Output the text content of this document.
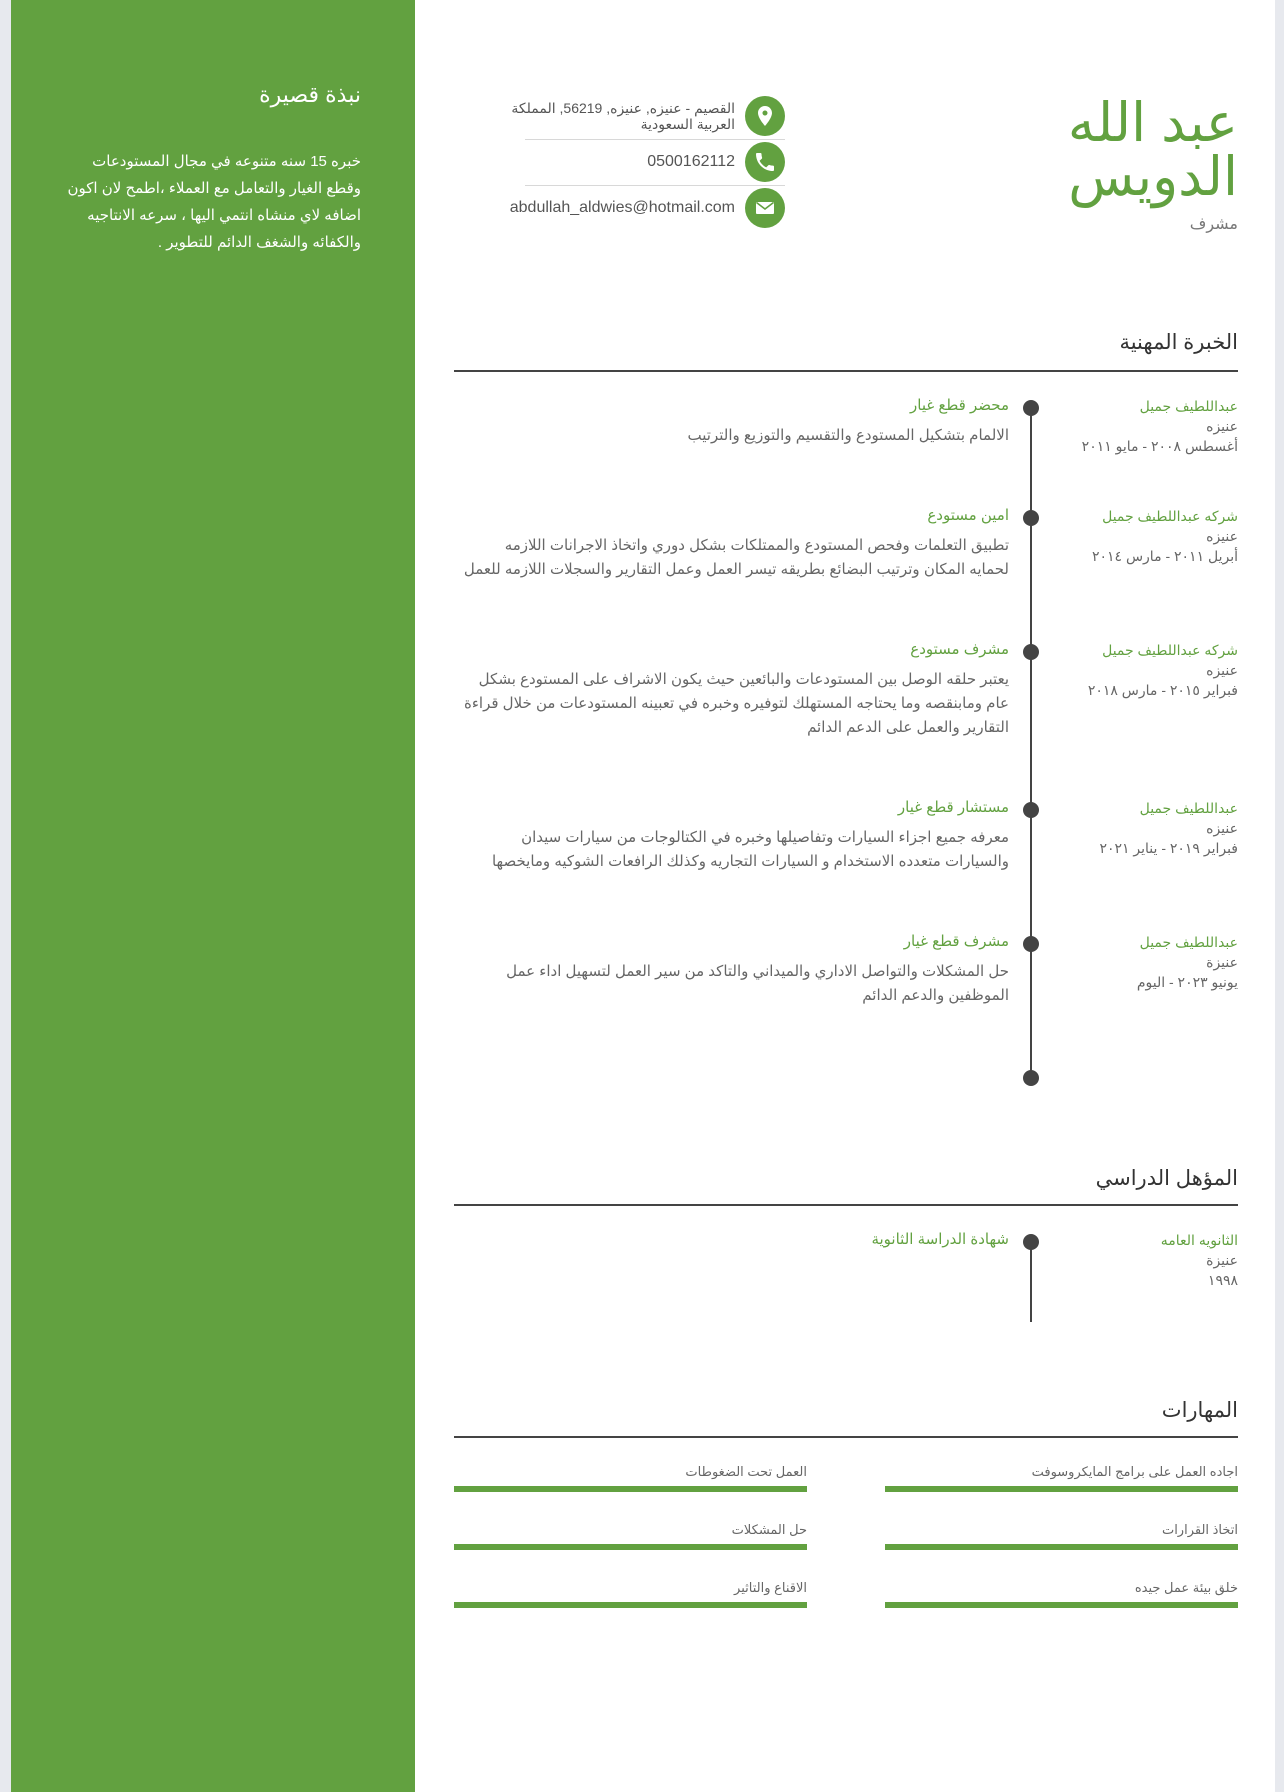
نبذة قصيرة
خبره 15 سنه متنوعه في مجال المستودعات وقطع الغيار والتعامل مع العملاء ،اطمح لان اكون اضافه لاي منشاه انتمي اليها ، سرعه الانتاجيه والكفائه والشغف الدائم للتطوير .
عبد الله
الدويس
مشرف
القصيم - عنيزه, عنيزه, 56219, المملكة العربية السعودية
0500162112
abdullah_aldwies@hotmail.com
الخبرة المهنية
عبداللطيف جميل
عنيزه
أغسطس ٢٠٠٨ - مايو ٢٠١١
محضر قطع غيار
الالمام بتشكيل المستودع والتقسيم والتوزيع والترتيب
شركه عبداللطيف جميل
عنيزه
أبريل ٢٠١١ - مارس ٢٠١٤
امين مستودع
تطبيق التعلمات وفحص المستودع والممتلكات بشكل دوري واتخاذ الاجرانات اللازمه لحمايه المكان وترتيب البضائع بطريقه تيسر العمل وعمل التقارير والسجلات اللازمه للعمل
شركه عبداللطيف جميل
عنيزه
فبراير ٢٠١٥ - مارس ٢٠١٨
مشرف مستودع
يعتبر حلقه الوصل بين المستودعات والبائعين حيث يكون الاشراف على المستودع بشكل عام ومابنقصه وما يحتاجه المستهلك لتوفيره وخبره في تعبينه المستودعات من خلال قراءة التقارير والعمل على الدعم الدائم
عبداللطيف جميل
عنيزه
فبراير ٢٠١٩ - يناير ٢٠٢١
مستشار قطع غيار
معرفه جميع اجزاء السيارات وتفاصيلها وخبره في الكتالوجات من سيارات سيدان والسيارات متعدده الاستخدام و السيارات التجاريه وكذلك الرافعات الشوكيه ومايخصها
عبداللطيف جميل
عنيزة
يونيو ٢٠٢٣ - اليوم
مشرف قطع غيار
حل المشكلات والتواصل الاداري والميداني والتاكد من سير العمل لتسهيل اداء عمل الموظفين والدعم الدائم
المؤهل الدراسي
الثانويه العامه
عنيزة
١٩٩٨
شهادة الدراسة الثانوية
المهارات
اجاده العمل على برامج المايكروسوفت
العمل تحت الضغوطات
اتخاذ القرارات
حل المشكلات
خلق بيئة عمل جيده
الاقناع والتاثير
